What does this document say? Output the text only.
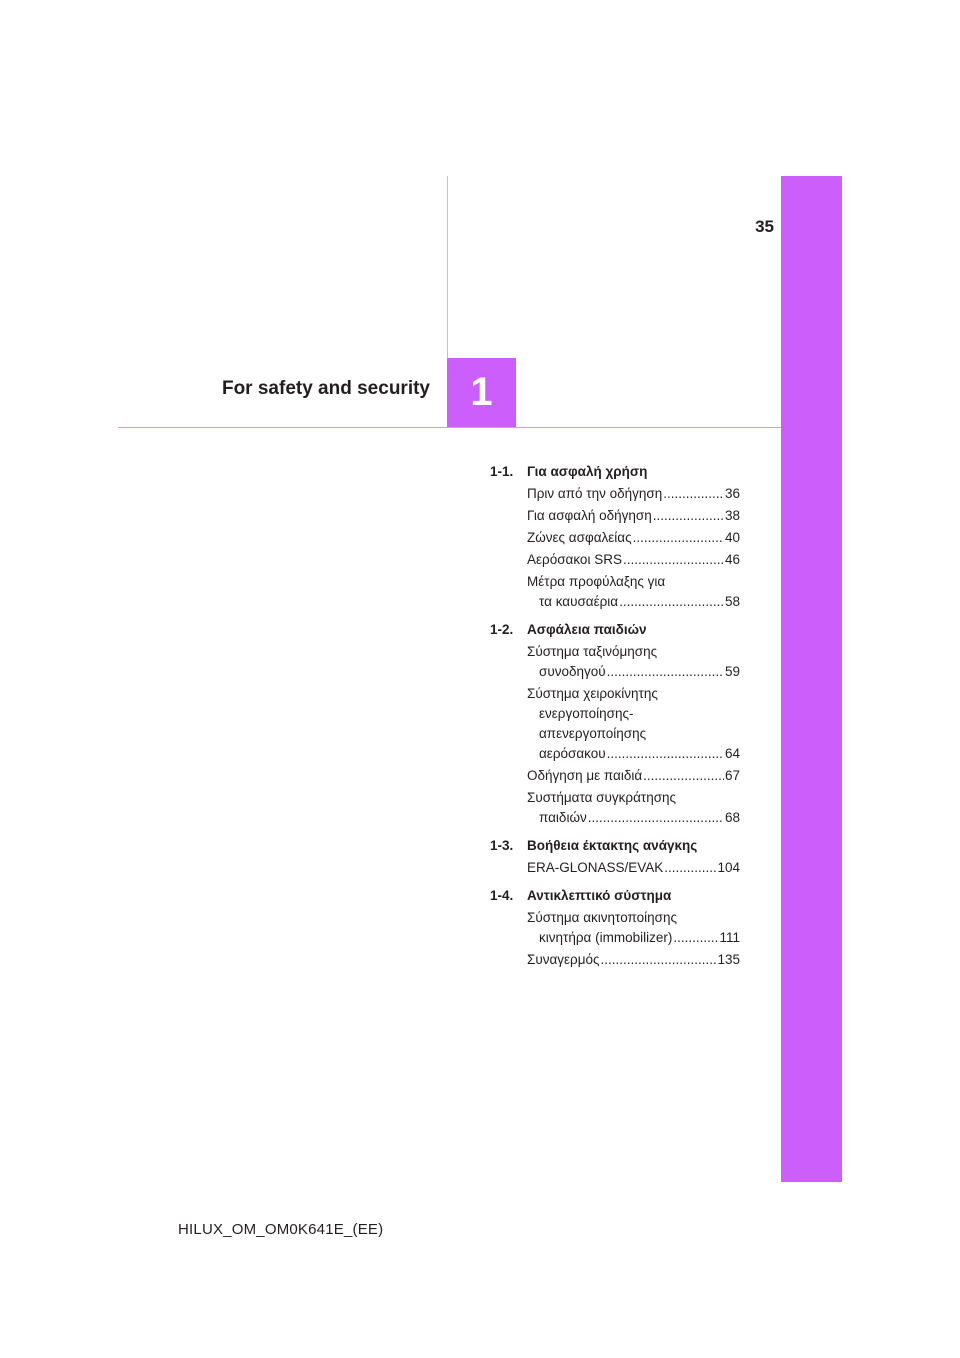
35
For safety and security 1
1-1.	Για ασφαλή χρήση
Πριν από την οδήγηση .....	36
Για ασφαλή οδήγηση .....	38
Ζώνες ασφαλείας .....	40
Αερόσακοι SRS .....	46
Μέτρα προφύλαξης για
τα καυσαέρια .....	58
1-2.	Ασφάλεια παιδιών
Σύστημα ταξινόμησης
συνοδηγού .....	59
Σύστημα χειροκίνητης
ενεργοποίησης-
απενεργοποίησης
αερόσακου .....	64
Οδήγηση με παιδιά .....	67
Συστήματα συγκράτησης
παιδιών .....	68
1-3.	Βοήθεια έκτακτης ανάγκης
ERA-GLONASS/EVAK .....	104
1-4.	Αντικλεπτικό σύστημα
Σύστημα ακινητοποίησης
κινητήρα (immobilizer) .....	111
Συναγερμός .....	135
HILUX_OM_OM0K641E_(EE)
